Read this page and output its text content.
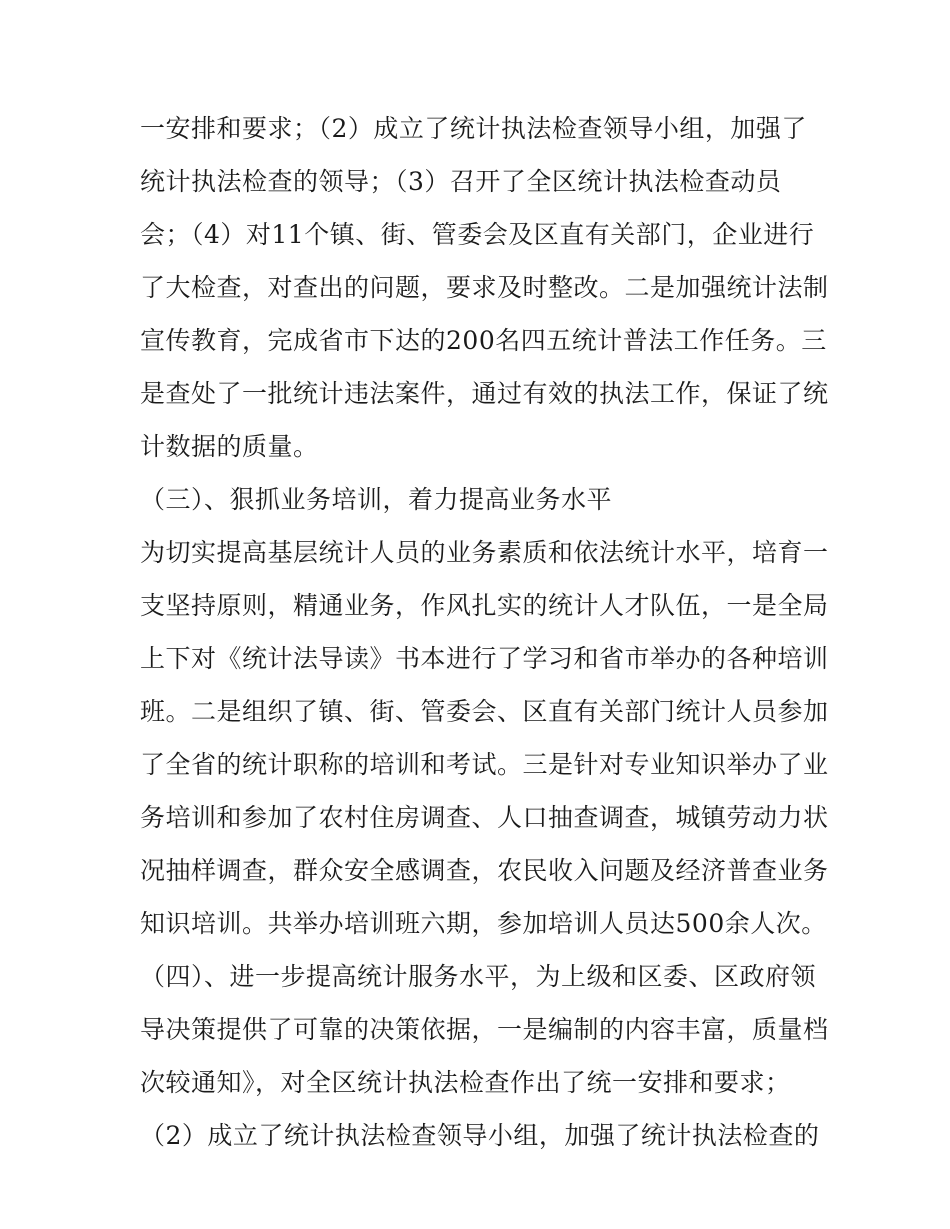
一安排和要求；（2）成立了统计执法检查领导小组，加强了

统计执法检查的领导；（3）召开了全区统计执法检查动员

会；（4）对11个镇、街、管委会及区直有关部门，企业进行

了大检查，对查出的问题，要求及时整改。二是加强统计法制

宣传教育，完成省市下达的200名四五统计普法工作任务。三

是查处了一批统计违法案件，通过有效的执法工作，保证了统

计数据的质量。

（三）、狠抓业务培训，着力提高业务水平

为切实提高基层统计人员的业务素质和依法统计水平，培育一

支坚持原则，精通业务，作风扎实的统计人才队伍，一是全局

上下对《统计法导读》书本进行了学习和省市举办的各种培训

班。二是组织了镇、街、管委会、区直有关部门统计人员参加

了全省的统计职称的培训和考试。三是针对专业知识举办了业

务培训和参加了农村住房调查、人口抽查调查，城镇劳动力状

况抽样调查，群众安全感调查，农民收入问题及经济普查业务

知识培训。共举办培训班六期，参加培训人员达500余人次。

（四）、进一步提高统计服务水平，为上级和区委、区政府领

导决策提供了可靠的决策依据，一是编制的内容丰富，质量档

次较通知》，对全区统计执法检查作出了统一安排和要求；

（2）成立了统计执法检查领导小组，加强了统计执法检查的
